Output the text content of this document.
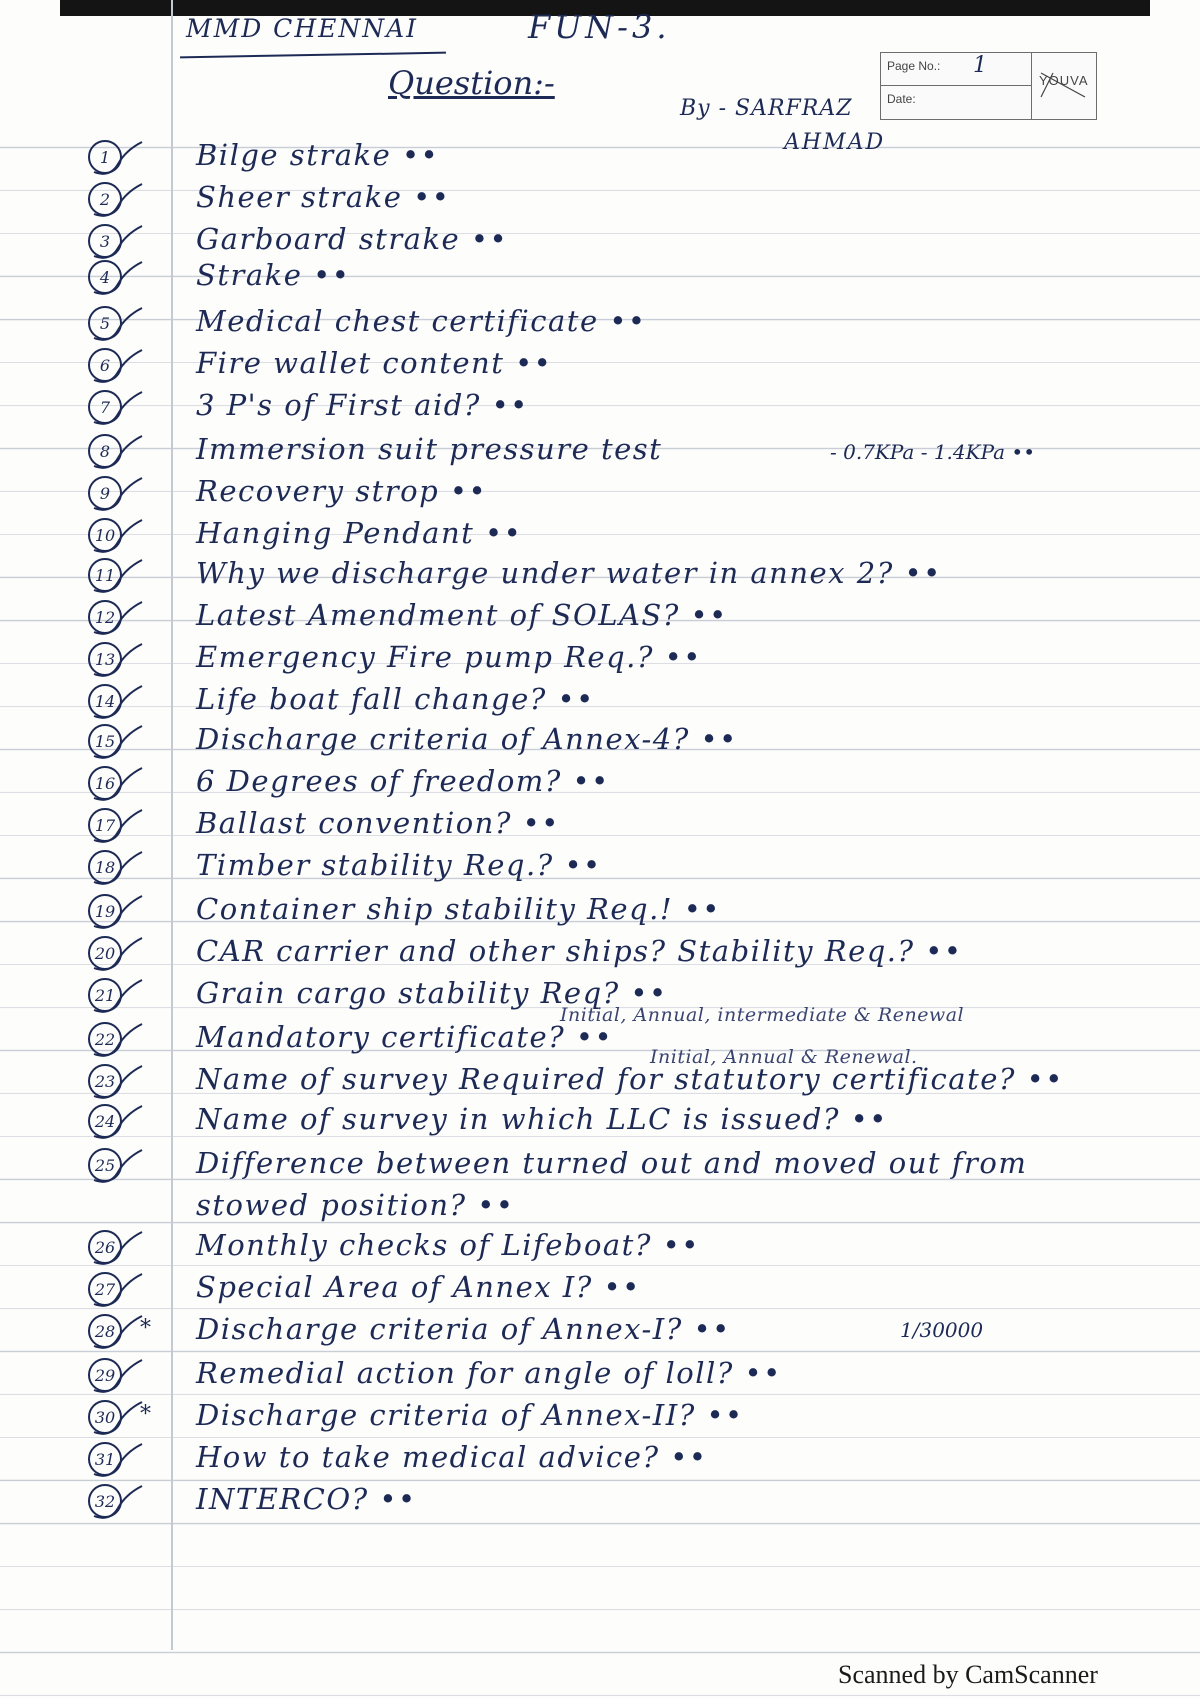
MMD CHENNAI	FUN-3.
Question:-
By - SARFRAZ
AHMAD
Page No.: 1
Date:
YOUVA
1	Bilge strake ••
2	Sheer strake ••
3	Garboard strake ••
4	Strake ••
5	Medical chest certificate ••
6	Fire wallet content ••
7	3 P's of First aid? ••
8	Immersion suit pressure test	- 0.7KPa - 1.4KPa ••
9	Recovery strop ••
10	Hanging Pendant ••
11	Why we discharge under water in annex 2? ••
12	Latest Amendment of SOLAS? ••
13	Emergency Fire pump Req.? ••
14	Life boat fall change? ••
15	Discharge criteria of Annex-4? ••
16	6 Degrees of freedom? ••
17	Ballast convention? ••
18	Timber stability Req.? ••
19	Container ship stability Req.! ••
20	CAR carrier and other ships? Stability Req.? ••
21	Grain cargo stability Req? ••
22	Mandatory certificate? ••
Initial, Annual, intermediate & Renewal
23	Name of survey Required for statutory certificate? ••
Initial, Annual & Renewal.
24	Name of survey in which LLC is issued? ••
25	Difference between turned out and moved out from
stowed position? ••
26	Monthly checks of Lifeboat? ••
27	Special Area of Annex I? ••
28	* Discharge criteria of Annex-I? ••	1/30000
29	Remedial action for angle of loll? ••
30	* Discharge criteria of Annex-II? ••
31	How to take medical advice? ••
32	INTERCO? ••
Scanned by CamScanner
